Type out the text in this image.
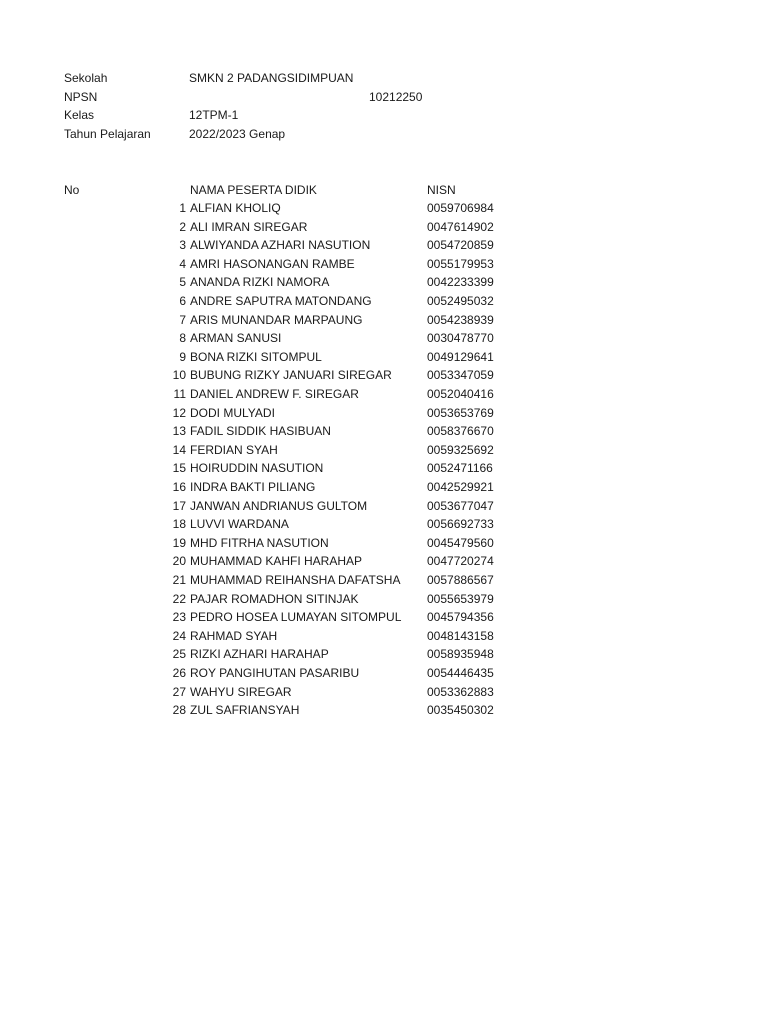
Sekolah	SMKN 2 PADANGSIDIMPUAN
NPSN	10212250
Kelas	12TPM-1
Tahun Pelajaran	2022/2023 Genap
No	NAMA PESERTA DIDIK	NISN
1 ALFIAN KHOLIQ	0059706984
2 ALI IMRAN SIREGAR	0047614902
3 ALWIYANDA AZHARI NASUTION	0054720859
4 AMRI HASONANGAN RAMBE	0055179953
5 ANANDA RIZKI NAMORA	0042233399
6 ANDRE SAPUTRA MATONDANG	0052495032
7 ARIS MUNANDAR MARPAUNG	0054238939
8 ARMAN SANUSI	0030478770
9 BONA RIZKI SITOMPUL	0049129641
10 BUBUNG RIZKY JANUARI SIREGAR	0053347059
11 DANIEL ANDREW F. SIREGAR	0052040416
12 DODI MULYADI	0053653769
13 FADIL SIDDIK HASIBUAN	0058376670
14 FERDIAN SYAH	0059325692
15 HOIRUDDIN NASUTION	0052471166
16 INDRA BAKTI PILIANG	0042529921
17 JANWAN ANDRIANUS GULTOM	0053677047
18 LUVVI WARDANA	0056692733
19 MHD FITRHA NASUTION	0045479560
20 MUHAMMAD KAHFI HARAHAP	0047720274
21 MUHAMMAD REIHANSHA DAFATSHA 0057886567
22 PAJAR ROMADHON SITINJAK	0055653979
23 PEDRO HOSEA LUMAYAN SITOMPUL 0045794356
24 RAHMAD SYAH	0048143158
25 RIZKI AZHARI HARAHAP	0058935948
26 ROY PANGIHUTAN PASARIBU	0054446435
27 WAHYU SIREGAR	0053362883
28 ZUL SAFRIANSYAH	0035450302
